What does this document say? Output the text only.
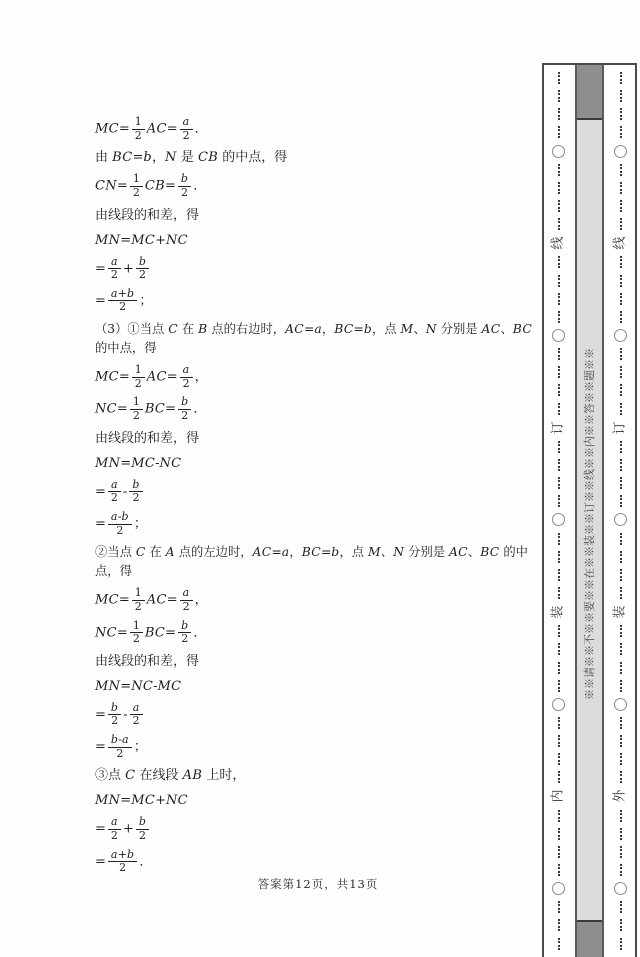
$MC= \frac{1}{2} AC= \frac{a}{2}$ ．
由 BC=b，N 是 CB 的中点，得
$CN= \frac{1}{2} CB= \frac{b}{2}$ ．
由线段的和差，得
MN=MC+NC
= $\frac{a}{2} + \frac{b}{2}$
= $\frac{a+b}{2}$ ；
（3）①当点 C 在 B 点的右边时，AC=a，BC=b，点 M、N 分别是 AC、BC 的中点，得
$MC= \frac{1}{2} AC= \frac{a}{2}$ ，
$NC= \frac{1}{2} BC= \frac{b}{2}$ ．
由线段的和差，得
MN=MC-NC
= $\frac{a}{2} - \frac{b}{2}$
= $\frac{a-b}{2}$ ；
②当点 C 在 A 点的左边时，AC=a，BC=b，点 M、N 分别是 AC、BC 的中点，得
$MC= \frac{1}{2} AC= \frac{a}{2}$ ，
$NC= \frac{1}{2} BC= \frac{b}{2}$ ．
由线段的和差，得
MN=NC-MC
= $\frac{b}{2} - \frac{a}{2}$
= $\frac{b-a}{2}$ ；
③点 C 在线段 AB 上时，
MN=MC+NC
= $\frac{a}{2} + \frac{b}{2}$
= $\frac{a+b}{2}$ ．
答案第12页，共13页
线
订
装
内
※※请※※不※※要※※在※※装※※订※※线※※内※※答※※题※※
线
订
装
外
